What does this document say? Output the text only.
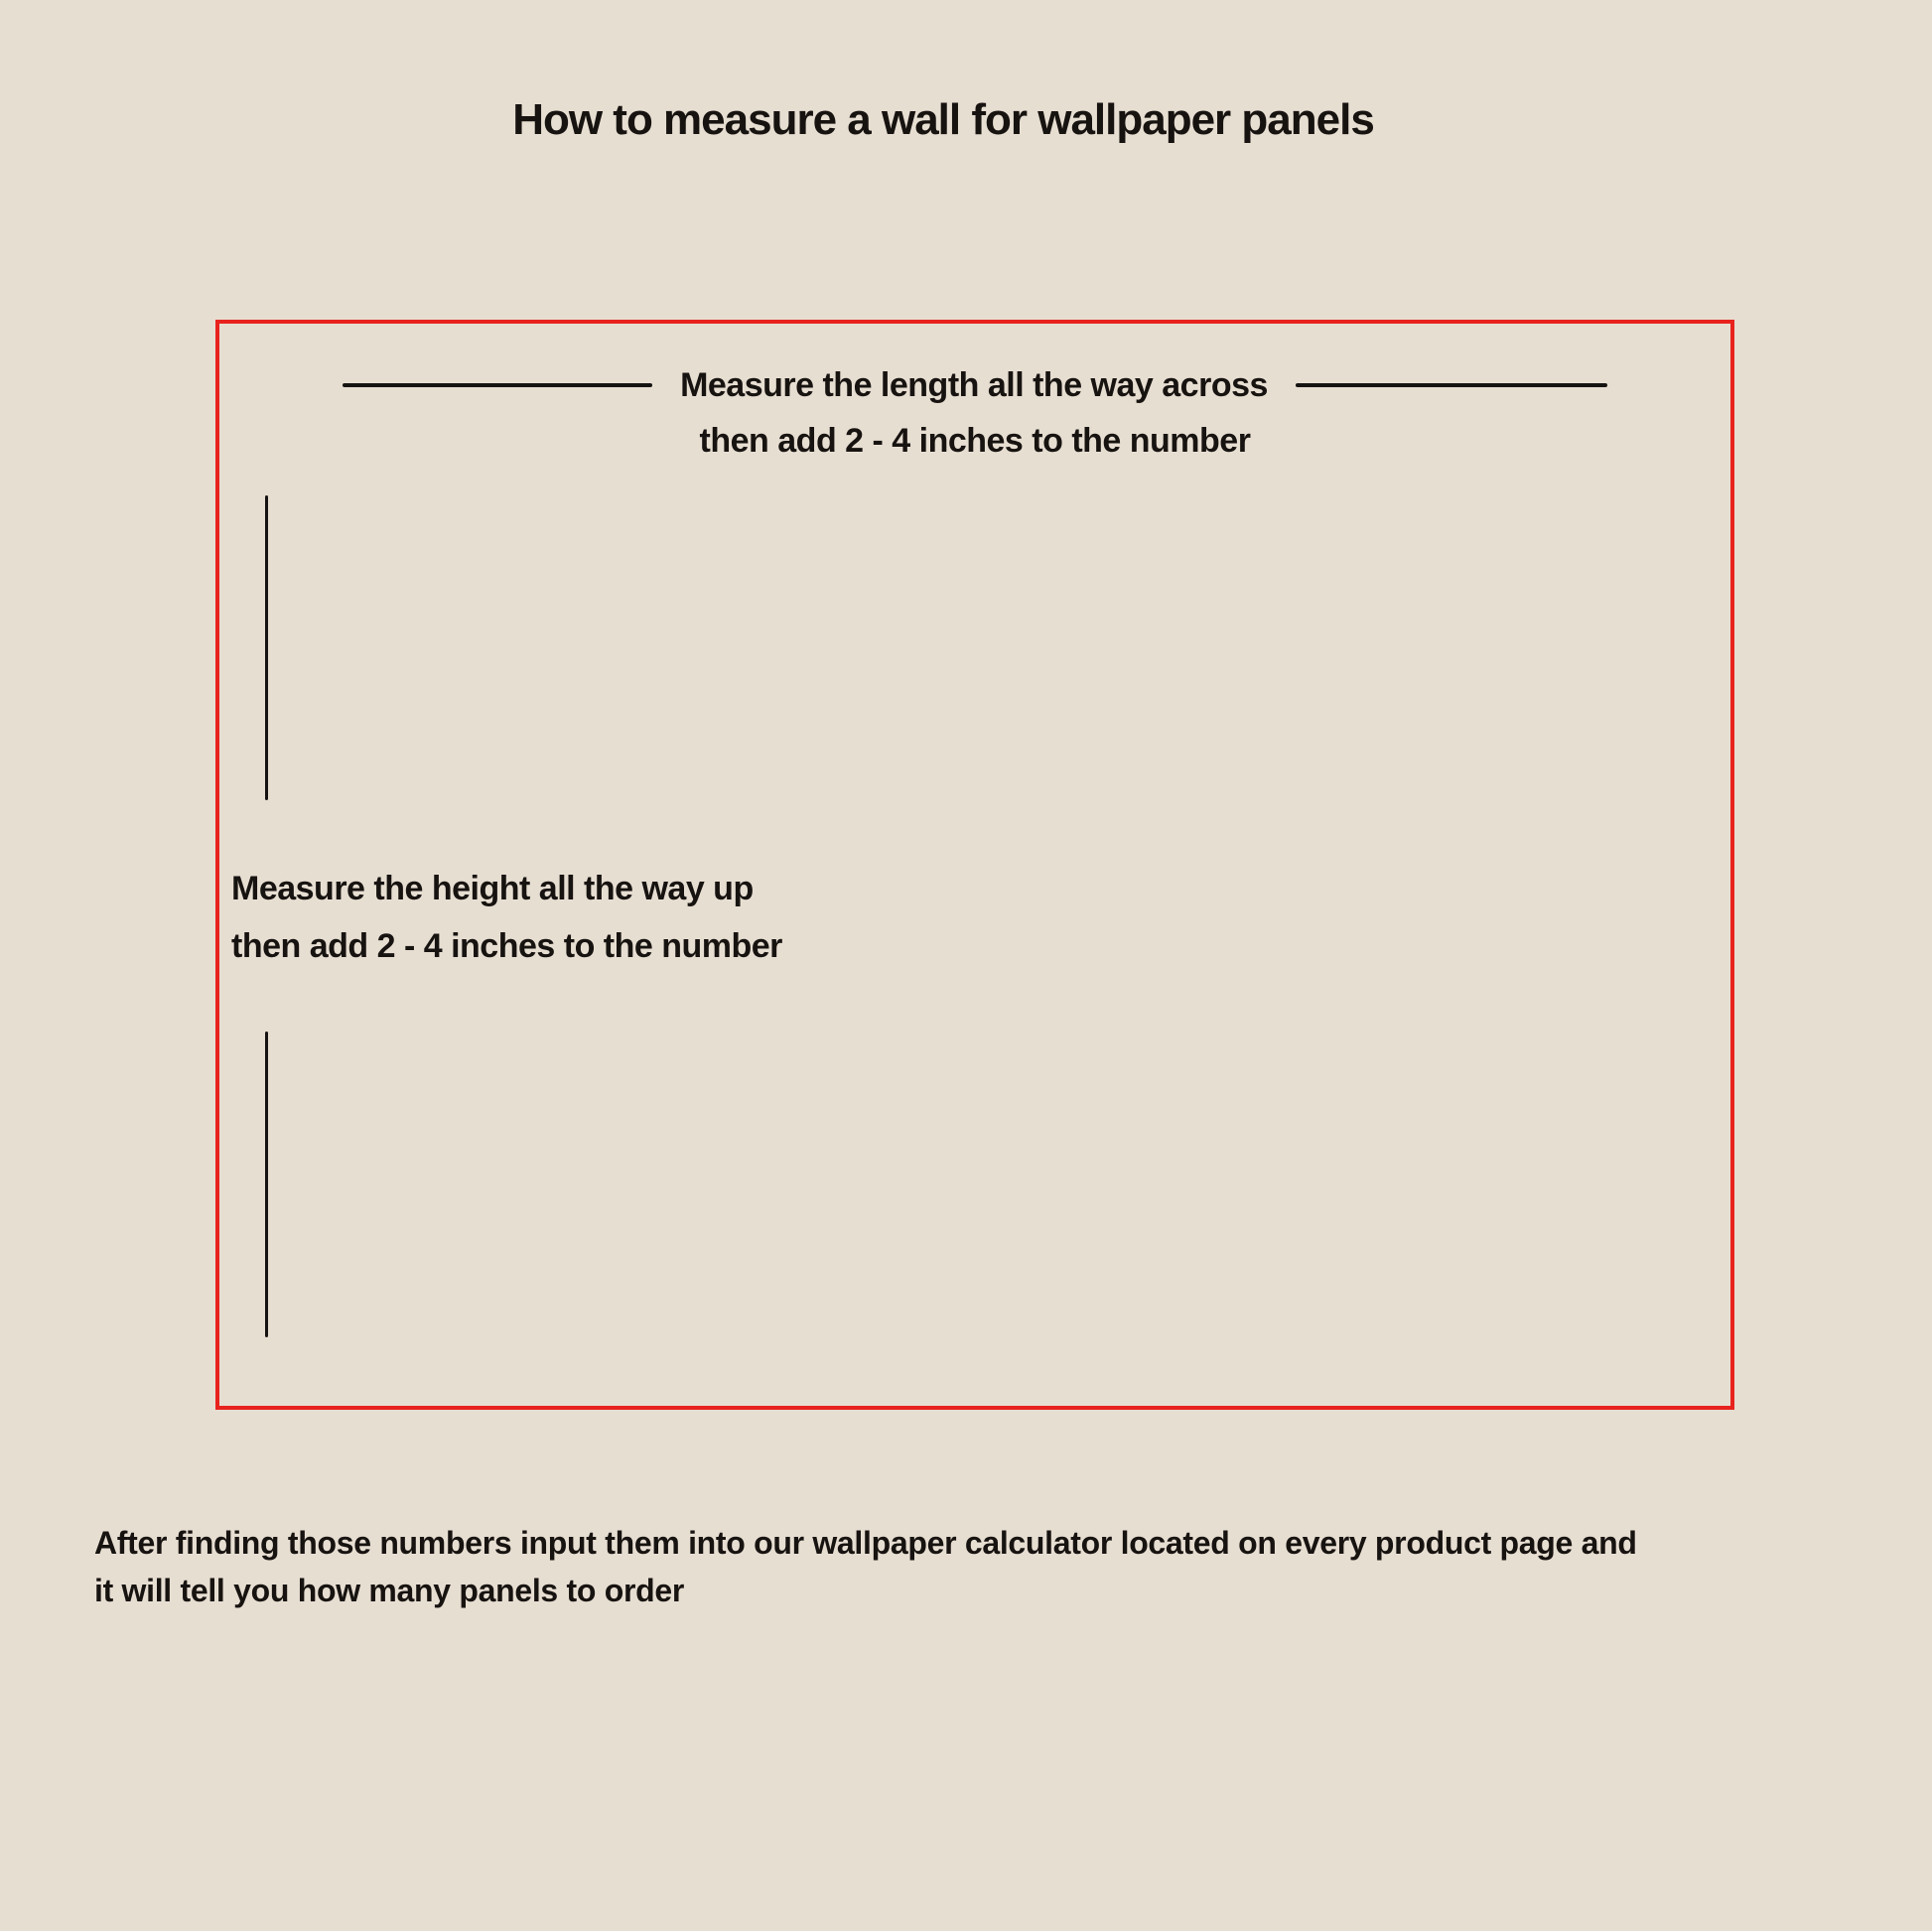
How to measure a wall for wallpaper panels
Measure the length all the way across
then add 2 - 4 inches to the number
Measure the height all the way up
then add 2 - 4 inches to the number

After finding those numbers input them into our wallpaper calculator located on every product page and
it will tell you how many panels to order
